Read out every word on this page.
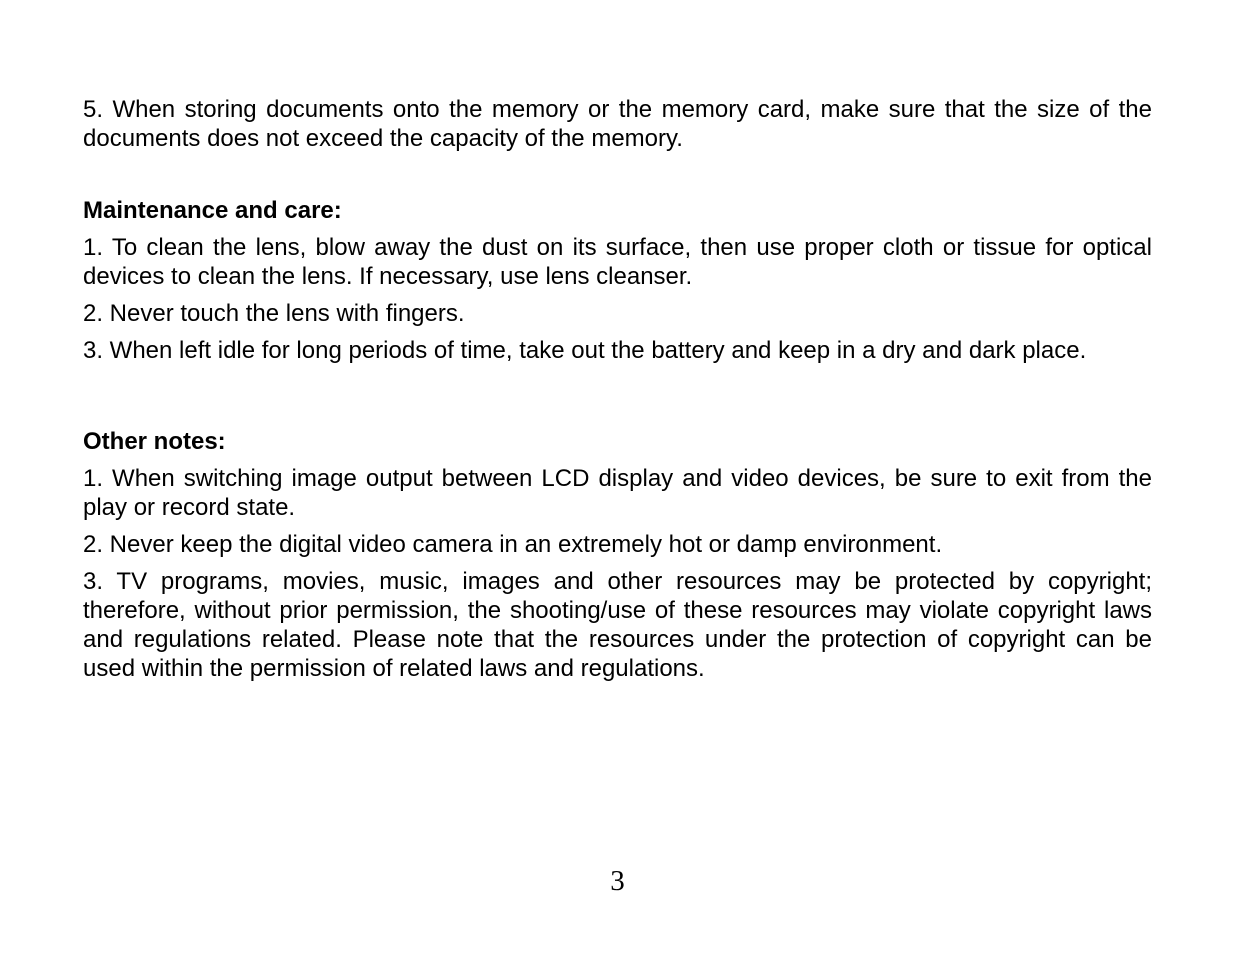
5. When storing documents onto the memory or the memory card, make sure that the size of the documents does not exceed the capacity of the memory.

Maintenance and care:

1. To clean the lens, blow away the dust on its surface, then use proper cloth or tissue for optical devices to clean the lens. If necessary, use lens cleanser.

2. Never touch the lens with fingers.

3. When left idle for long periods of time, take out the battery and keep in a dry and dark place.

Other notes:

1. When switching image output between LCD display and video devices, be sure to exit from the play or record state.

2. Never keep the digital video camera in an extremely hot or damp environment.

3. TV programs, movies, music, images and other resources may be protected by copyright; therefore, without prior permission, the shooting/use of these resources may violate copyright laws and regulations related. Please note that the resources under the protection of copyright can be used within the permission of related laws and regulations.

3
